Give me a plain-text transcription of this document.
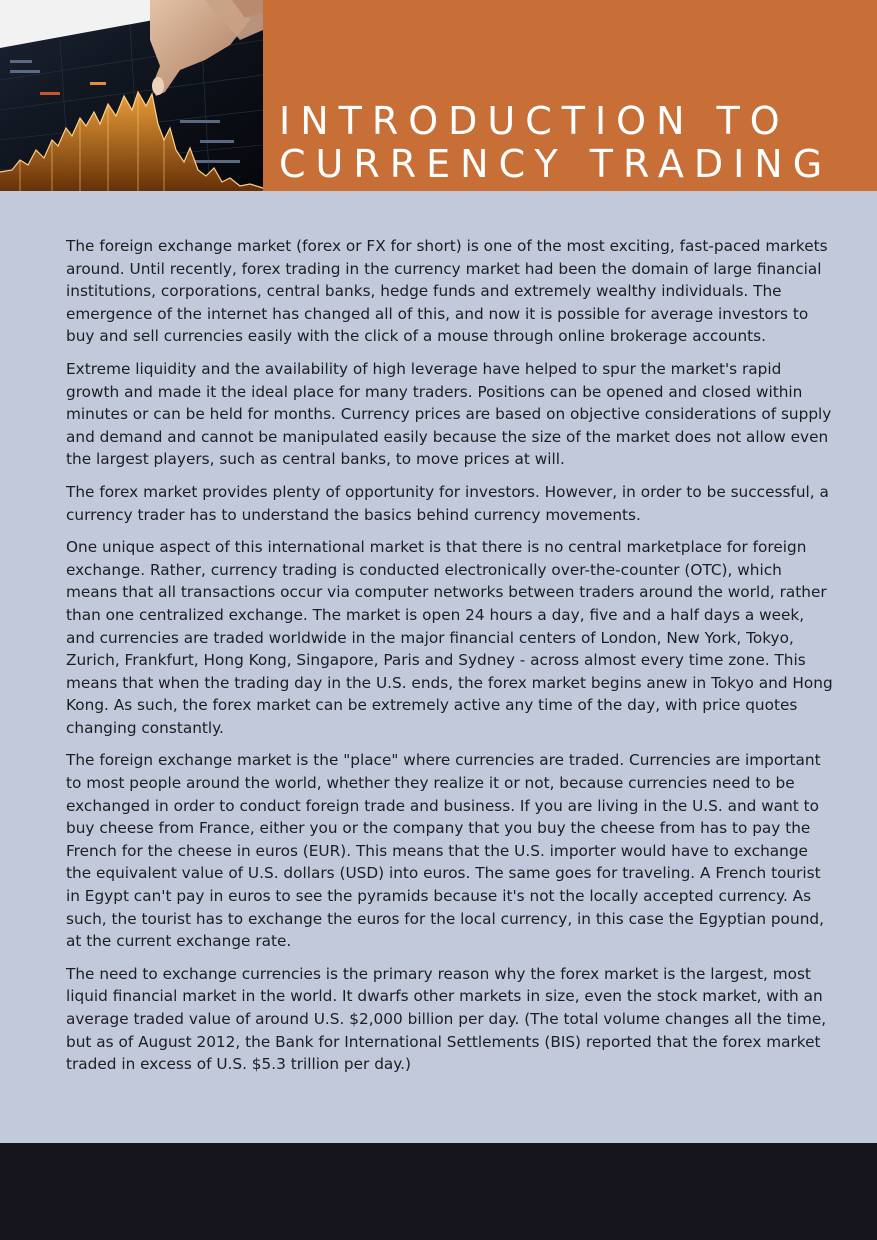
INTRODUCTION TO
CURRENCY TRADING

The foreign exchange market (forex or FX for short) is one of the most exciting, fast-paced markets around. Until recently, forex trading in the currency market had been the domain of large financial institutions, corporations, central banks, hedge funds and extremely wealthy individuals. The emergence of the internet has changed all of this, and now it is possible for average investors to buy and sell currencies easily with the click of a mouse through online brokerage accounts.

Extreme liquidity and the availability of high leverage have helped to spur the market's rapid growth and made it the ideal place for many traders. Positions can be opened and closed within minutes or can be held for months. Currency prices are based on objective considerations of supply and demand and cannot be manipulated easily because the size of the market does not allow even the largest players, such as central banks, to move prices at will.

The forex market provides plenty of opportunity for investors. However, in order to be successful, a currency trader has to understand the basics behind currency movements.

One unique aspect of this international market is that there is no central marketplace for foreign exchange. Rather, currency trading is conducted electronically over-the-counter (OTC), which means that all transactions occur via computer networks between traders around the world, rather than one centralized exchange. The market is open 24 hours a day, five and a half days a week, and currencies are traded worldwide in the major financial centers of London, New York, Tokyo, Zurich, Frankfurt, Hong Kong, Singapore, Paris and Sydney - across almost every time zone. This means that when the trading day in the U.S. ends, the forex market begins anew in Tokyo and Hong Kong. As such, the forex market can be extremely active any time of the day, with price quotes changing constantly.

The foreign exchange market is the "place" where currencies are traded. Currencies are important to most people around the world, whether they realize it or not, because currencies need to be exchanged in order to conduct foreign trade and business. If you are living in the U.S. and want to buy cheese from France, either you or the company that you buy the cheese from has to pay the French for the cheese in euros (EUR). This means that the U.S. importer would have to exchange the equivalent value of U.S. dollars (USD) into euros. The same goes for traveling. A French tourist in Egypt can't pay in euros to see the pyramids because it's not the locally accepted currency. As such, the tourist has to exchange the euros for the local currency, in this case the Egyptian pound, at the current exchange rate.

The need to exchange currencies is the primary reason why the forex market is the largest, most liquid financial market in the world. It dwarfs other markets in size, even the stock market, with an average traded value of around U.S. $2,000 billion per day. (The total volume changes all the time, but as of August 2012, the Bank for International Settlements (BIS) reported that the forex market traded in excess of U.S. $5.3 trillion per day.)
